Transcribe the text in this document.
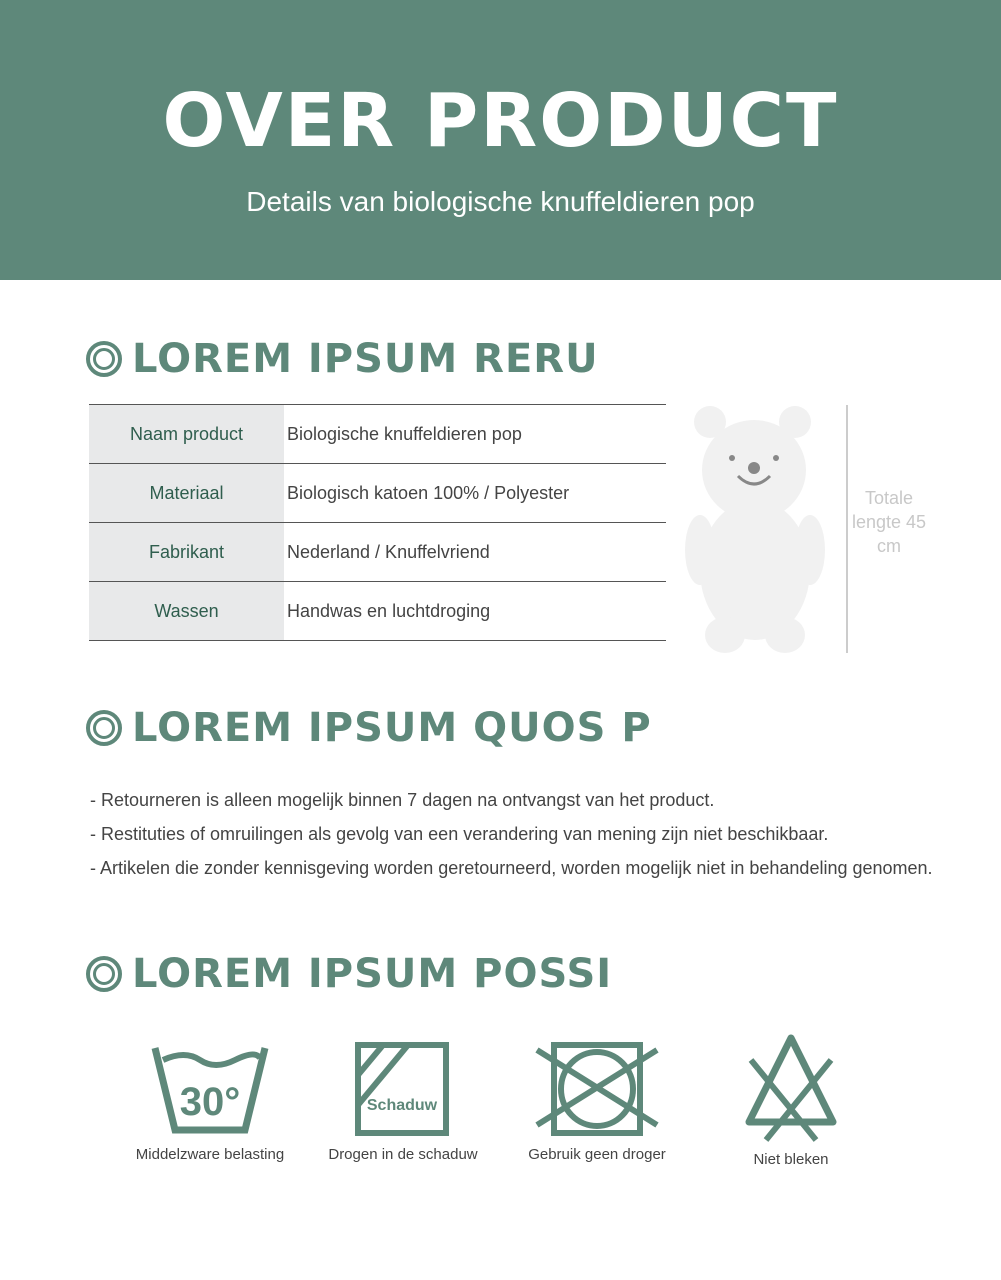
OVER PRODUCT

Details van biologische knuffeldieren pop

LOREM IPSUM RERU
Naam product	Biologische knuffeldieren pop
Materiaal	Biologisch katoen 100% / Polyester
Fabrikant	Nederland / Knuffelvriend
Wassen	Handwas en luchtdroging
Totale lengte 45 cm
LOREM IPSUM QUOS P
- Retourneren is alleen mogelijk binnen 7 dagen na ontvangst van het product.
- Restituties of omruilingen als gevolg van een verandering van mening zijn niet beschikbaar.
- Artikelen die zonder kennisgeving worden geretourneerd, worden mogelijk niet in behandeling genomen.
LOREM IPSUM POSSI
30°
Middelzware belasting
Schaduw
Drogen in de schaduw	Gebruik geen droger	Niet bleken
